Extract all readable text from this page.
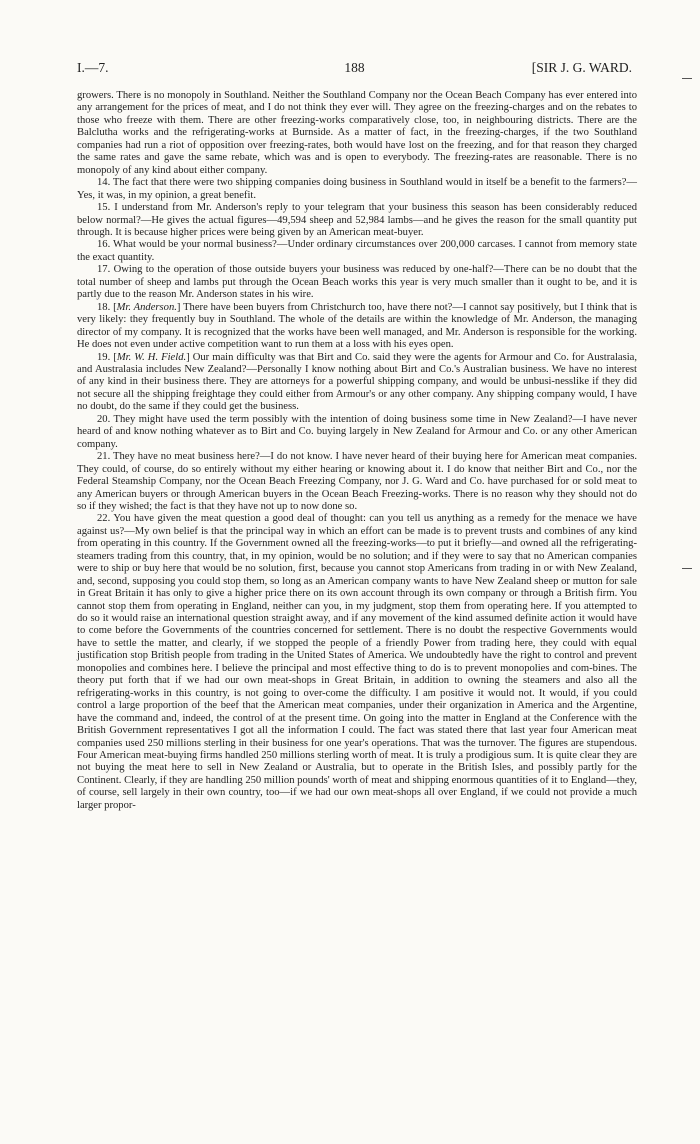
I.—7.	188	[SIR J. G. WARD.

growers. There is no monopoly in Southland. Neither the Southland Company nor the Ocean Beach Company has ever entered into any arrangement for the prices of meat, and I do not think they ever will. They agree on the freezing-charges and on the rebates to those who freeze with them. There are other freezing-works comparatively close, too, in neighbouring districts. There are the Balclutha works and the refrigerating-works at Burnside. As a matter of fact, in the freezing-charges, if the two Southland companies had run a riot of opposition over freezing-rates, both would have lost on the freezing, and for that reason they charged the same rates and gave the same rebate, which was and is open to everybody. The freezing-rates are reasonable. There is no monopoly of any kind about either company.

14. The fact that there were two shipping companies doing business in Southland would in itself be a benefit to the farmers?—Yes, it was, in my opinion, a great benefit.

15. I understand from Mr. Anderson's reply to your telegram that your business this season has been considerably reduced below normal?—He gives the actual figures—49,594 sheep and 52,984 lambs—and he gives the reason for the small quantity put through. It is because higher prices were being given by an American meat-buyer.

16. What would be your normal business?—Under ordinary circumstances over 200,000 carcases. I cannot from memory state the exact quantity.

17. Owing to the operation of those outside buyers your business was reduced by one-half?—There can be no doubt that the total number of sheep and lambs put through the Ocean Beach works this year is very much smaller than it ought to be, and it is partly due to the reason Mr. Anderson states in his wire.

18. [Mr. Anderson.] There have been buyers from Christchurch too, have there not?—I cannot say positively, but I think that is very likely: they frequently buy in Southland. The whole of the details are within the knowledge of Mr. Anderson, the managing director of my company. It is recognized that the works have been well managed, and Mr. Anderson is responsible for the working. He does not even under active competition want to run them at a loss with his eyes open.

19. [Mr. W. H. Field.] Our main difficulty was that Birt and Co. said they were the agents for Armour and Co. for Australasia, and Australasia includes New Zealand?—Personally I know nothing about Birt and Co.'s Australian business. We have no interest of any kind in their business there. They are attorneys for a powerful shipping company, and would be unbusi-nesslike if they did not secure all the shipping freightage they could either from Armour's or any other company. Any shipping company would, I have no doubt, do the same if they could get the business.

20. They might have used the term possibly with the intention of doing business some time in New Zealand?—I have never heard of and know nothing whatever as to Birt and Co. buying largely in New Zealand for Armour and Co. or any other American company.

21. They have no meat business here?—I do not know. I have never heard of their buying here for American meat companies. They could, of course, do so entirely without my either hearing or knowing about it. I do know that neither Birt and Co., nor the Federal Steamship Company, nor the Ocean Beach Freezing Company, nor J. G. Ward and Co. have purchased for or sold meat to any American buyers or through American buyers in the Ocean Beach Freezing-works. There is no reason why they should not do so if they wished; the fact is that they have not up to now done so.

22. You have given the meat question a good deal of thought: can you tell us anything as a remedy for the menace we have against us?—My own belief is that the principal way in which an effort can be made is to prevent trusts and combines of any kind from operating in this country. If the Government owned all the freezing-works—to put it briefly—and owned all the refrigerating-steamers trading from this country, that, in my opinion, would be no solution; and if they were to say that no American companies were to ship or buy here that would be no solution, first, because you cannot stop Americans from trading in or with New Zealand, and, second, supposing you could stop them, so long as an American company wants to have New Zealand sheep or mutton for sale in Great Britain it has only to give a higher price there on its own account through its own company or through a British firm. You cannot stop them from operating in England, neither can you, in my judgment, stop them from operating here. If you attempted to do so it would raise an international question straight away, and if any movement of the kind assumed definite action it would have to come before the Governments of the countries concerned for settlement. There is no doubt the respective Governments would have to settle the matter, and clearly, if we stopped the people of a friendly Power from trading here, they could with equal justification stop British people from trading in the United States of America. We undoubtedly have the right to control and prevent monopolies and combines here. I believe the principal and most effective thing to do is to prevent monopolies and com-bines. The theory put forth that if we had our own meat-shops in Great Britain, in addition to owning the steamers and also all the refrigerating-works in this country, is not going to over-come the difficulty. I am positive it would not. It would, if you could control a large proportion of the beef that the American meat companies, under their organization in America and the Argentine, have the command and, indeed, the control of at the present time. On going into the matter in England at the Conference with the British Government representatives I got all the information I could. The fact was stated there that last year four American meat companies used 250 millions sterling in their business for one year's operations. That was the turnover. The figures are stupendous. Four American meat-buying firms handled 250 millions sterling worth of meat. It is truly a prodigious sum. It is quite clear they are not buying the meat here to sell in New Zealand or Australia, but to operate in the British Isles, and possibly partly for the Continent. Clearly, if they are handling 250 million pounds' worth of meat and shipping enormous quantities of it to England—they, of course, sell largely in their own country, too—if we had our own meat-shops all over England, if we could not provide a much larger propor-
